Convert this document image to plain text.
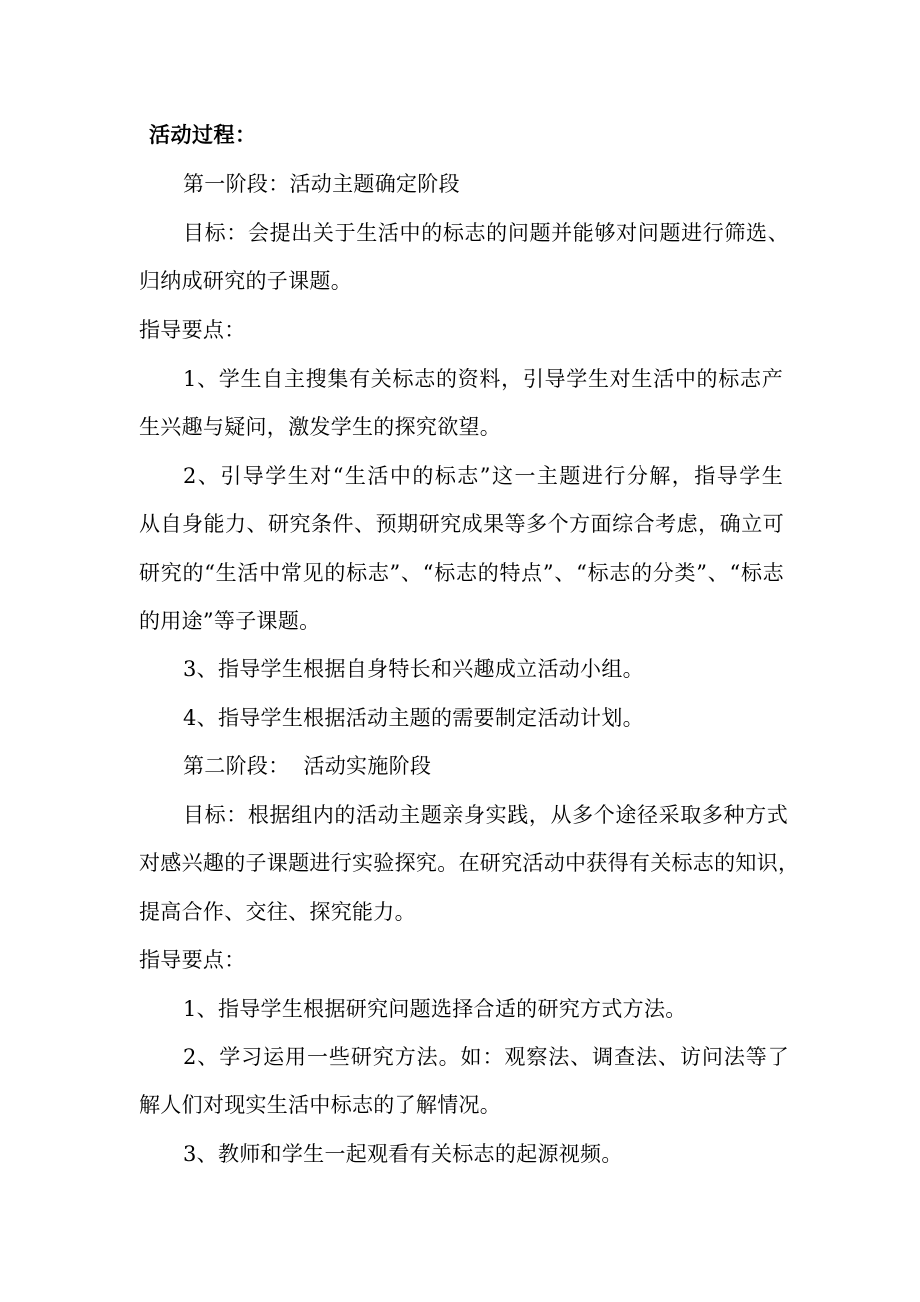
活动过程：
第一阶段：活动主题确定阶段
目标：会提出关于生活中的标志的问题并能够对问题进行筛选、
归纳成研究的子课题。
指导要点：
1、学生自主搜集有关标志的资料，引导学生对生活中的标志产
生兴趣与疑问，激发学生的探究欲望。
2、引导学生对“生活中的标志”这一主题进行分解，指导学生
从自身能力、研究条件、预期研究成果等多个方面综合考虑，确立可
研究的“生活中常见的标志”、“标志的特点”、“标志的分类”、“标志
的用途”等子课题。
3、指导学生根据自身特长和兴趣成立活动小组。
4、指导学生根据活动主题的需要制定活动计划。
第二阶段：  活动实施阶段
目标：根据组内的活动主题亲身实践，从多个途径采取多种方式
对感兴趣的子课题进行实验探究。在研究活动中获得有关标志的知识，
提高合作、交往、探究能力。
指导要点：
1、指导学生根据研究问题选择合适的研究方式方法。
2、学习运用一些研究方法。如：观察法、调查法、访问法等了
解人们对现实生活中标志的了解情况。
3、教师和学生一起观看有关标志的起源视频。
